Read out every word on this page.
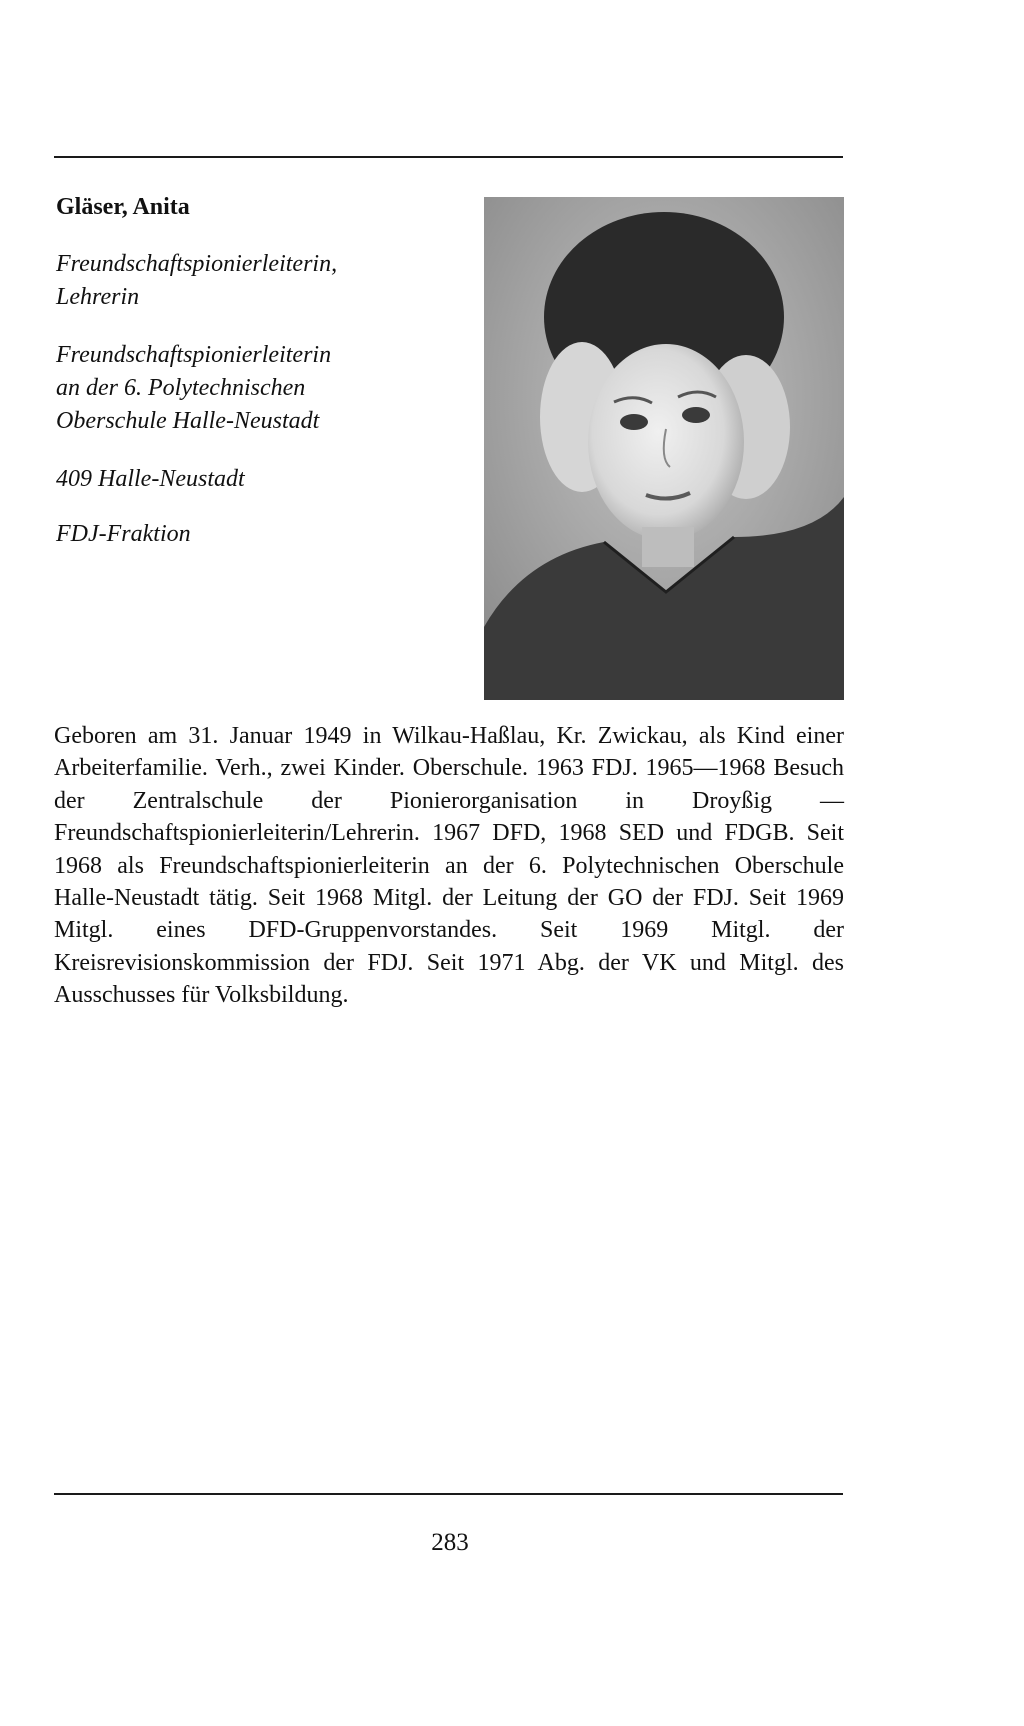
Gläser, Anita

Freundschaftspionierleiterin,

Lehrerin

Freundschaftspionierleiterin

an der 6. Polytechnischen

Oberschule Halle-Neustadt

409 Halle-Neustadt

FDJ-Fraktion

Geboren am 31. Januar 1949 in Wilkau-Haßlau, Kr. Zwickau, als Kind einer Arbeiterfamilie. Verh., zwei Kinder. Oberschule. 1963 FDJ. 1965—1968 Besuch der Zentralschule der Pionierorganisation in Droyßig — Freundschaftspionierleiterin/Lehrerin. 1967 DFD, 1968 SED und FDGB. Seit 1968 als Freundschaftspionierleiterin an der 6. Polytechnischen Oberschule Halle-Neustadt tätig. Seit 1968 Mitgl. der Leitung der GO der FDJ. Seit 1969 Mitgl. eines DFD-Gruppenvorstandes. Seit 1969 Mitgl. der Kreisrevisionskommission der FDJ. Seit 1971 Abg. der VK und Mitgl. des Ausschusses für Volksbildung.

283
